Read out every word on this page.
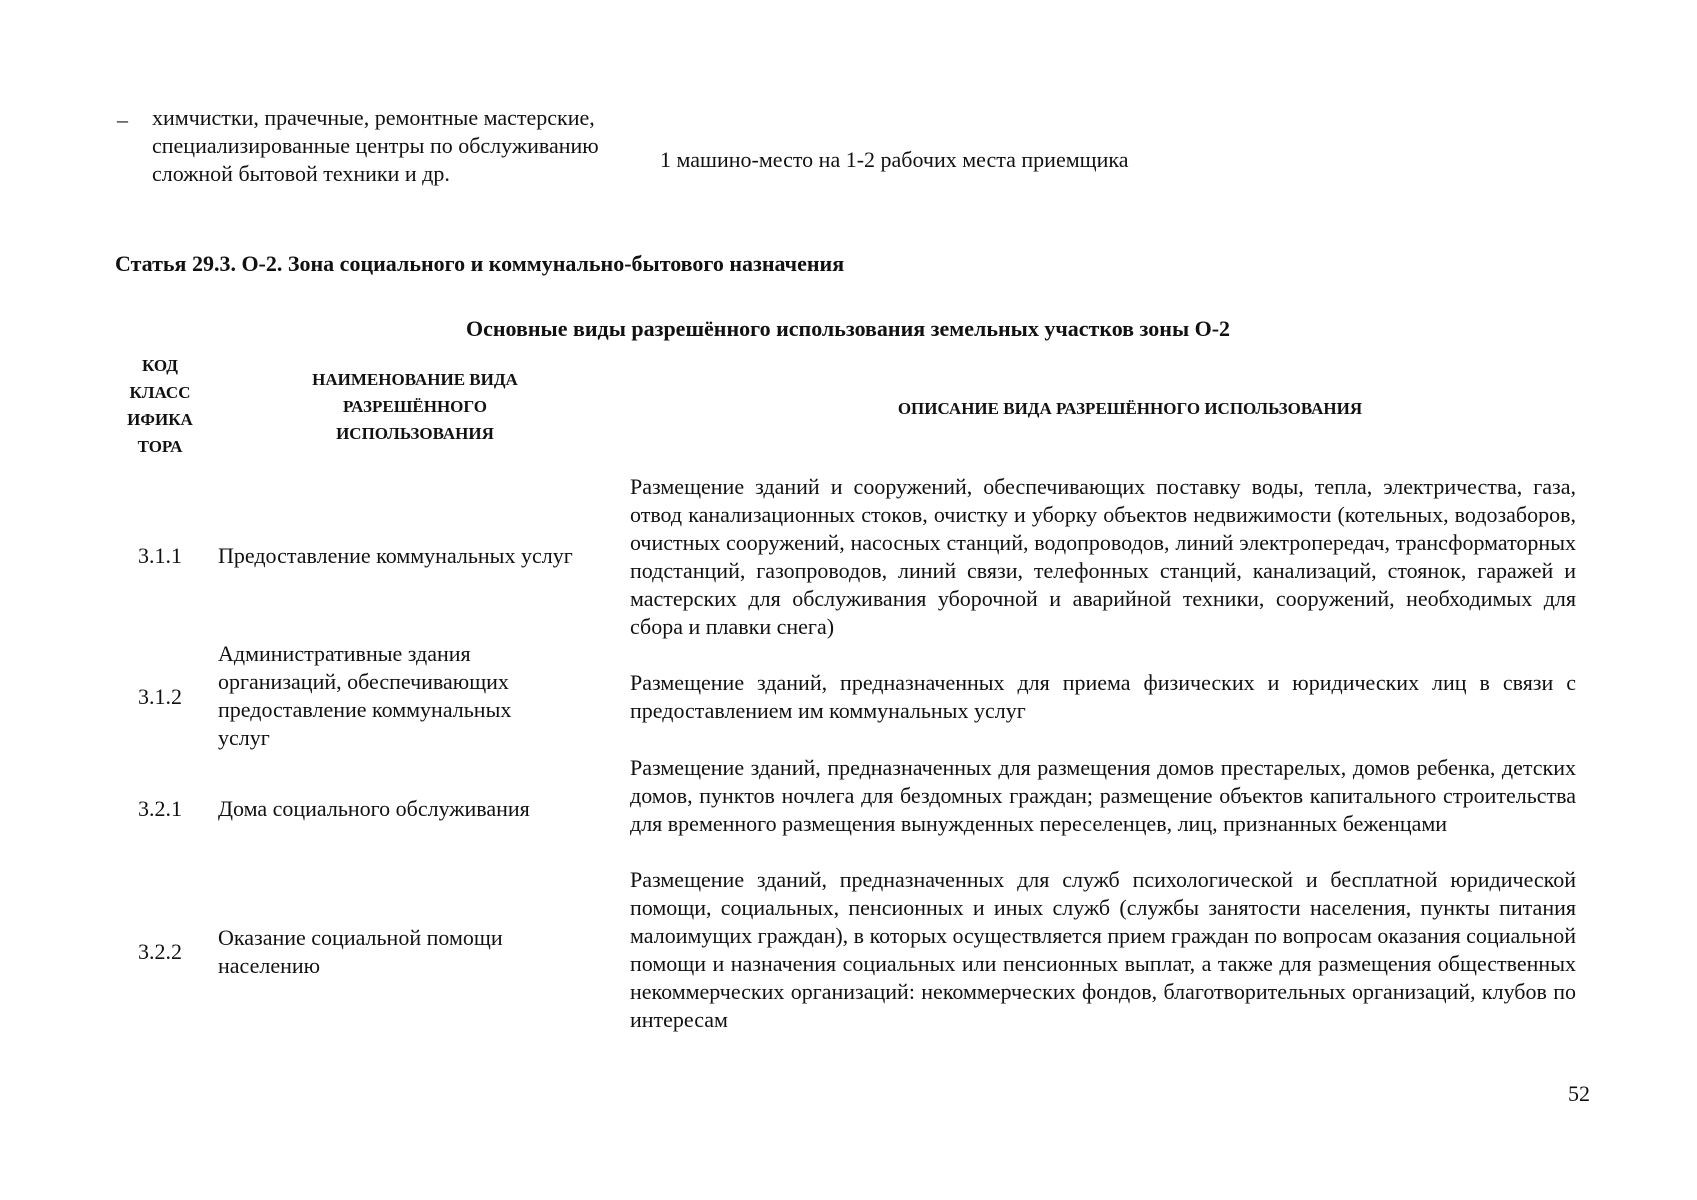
– химчистки, прачечные, ремонтные мастерские, специализированные центры по обслуживанию сложной бытовой техники и др.
1 машино-место на 1-2 рабочих места приемщика
Статья 29.3. О-2. Зона социального и коммунально-бытового назначения
Основные виды разрешённого использования земельных участков зоны О-2
КОД
КЛАСС
ИФИКА
ТОРА
НАИМЕНОВАНИЕ ВИДА
РАЗРЕШЁННОГО
ИСПОЛЬЗОВАНИЯ
ОПИСАНИЕ ВИДА РАЗРЕШЁННОГО ИСПОЛЬЗОВАНИЯ
3.1.1	Предоставление коммунальных услуг
Размещение зданий и сооружений, обеспечивающих поставку воды, тепла, электричества, газа, отвод канализационных стоков, очистку и уборку объектов недвижимости (котельных, водозаборов, очистных сооружений, насосных станций, водопроводов, линий электропередач, трансформаторных подстанций, газопроводов, линий связи, телефонных станций, канализаций, стоянок, гаражей и мастерских для обслуживания уборочной и аварийной техники, сооружений, необходимых для сбора и плавки снега)
3.1.2
Административные здания организаций, обеспечивающих предоставление коммунальных услуг
Размещение зданий, предназначенных для приема физических и юридических лиц в связи с предоставлением им коммунальных услуг
3.2.1	Дома социального обслуживания
Размещение зданий, предназначенных для размещения домов престарелых, домов ребенка, детских домов, пунктов ночлега для бездомных граждан; размещение объектов капитального строительства для временного размещения вынужденных переселенцев, лиц, признанных беженцами
3.2.2
Оказание социальной помощи населению
Размещение зданий, предназначенных для служб психологической и бесплатной юридической помощи, социальных, пенсионных и иных служб (службы занятости населения, пункты питания малоимущих граждан), в которых осуществляется прием граждан по вопросам оказания социальной помощи и назначения социальных или пенсионных выплат, а также для размещения общественных некоммерческих организаций: некоммерческих фондов, благотворительных организаций, клубов по интересам
52
